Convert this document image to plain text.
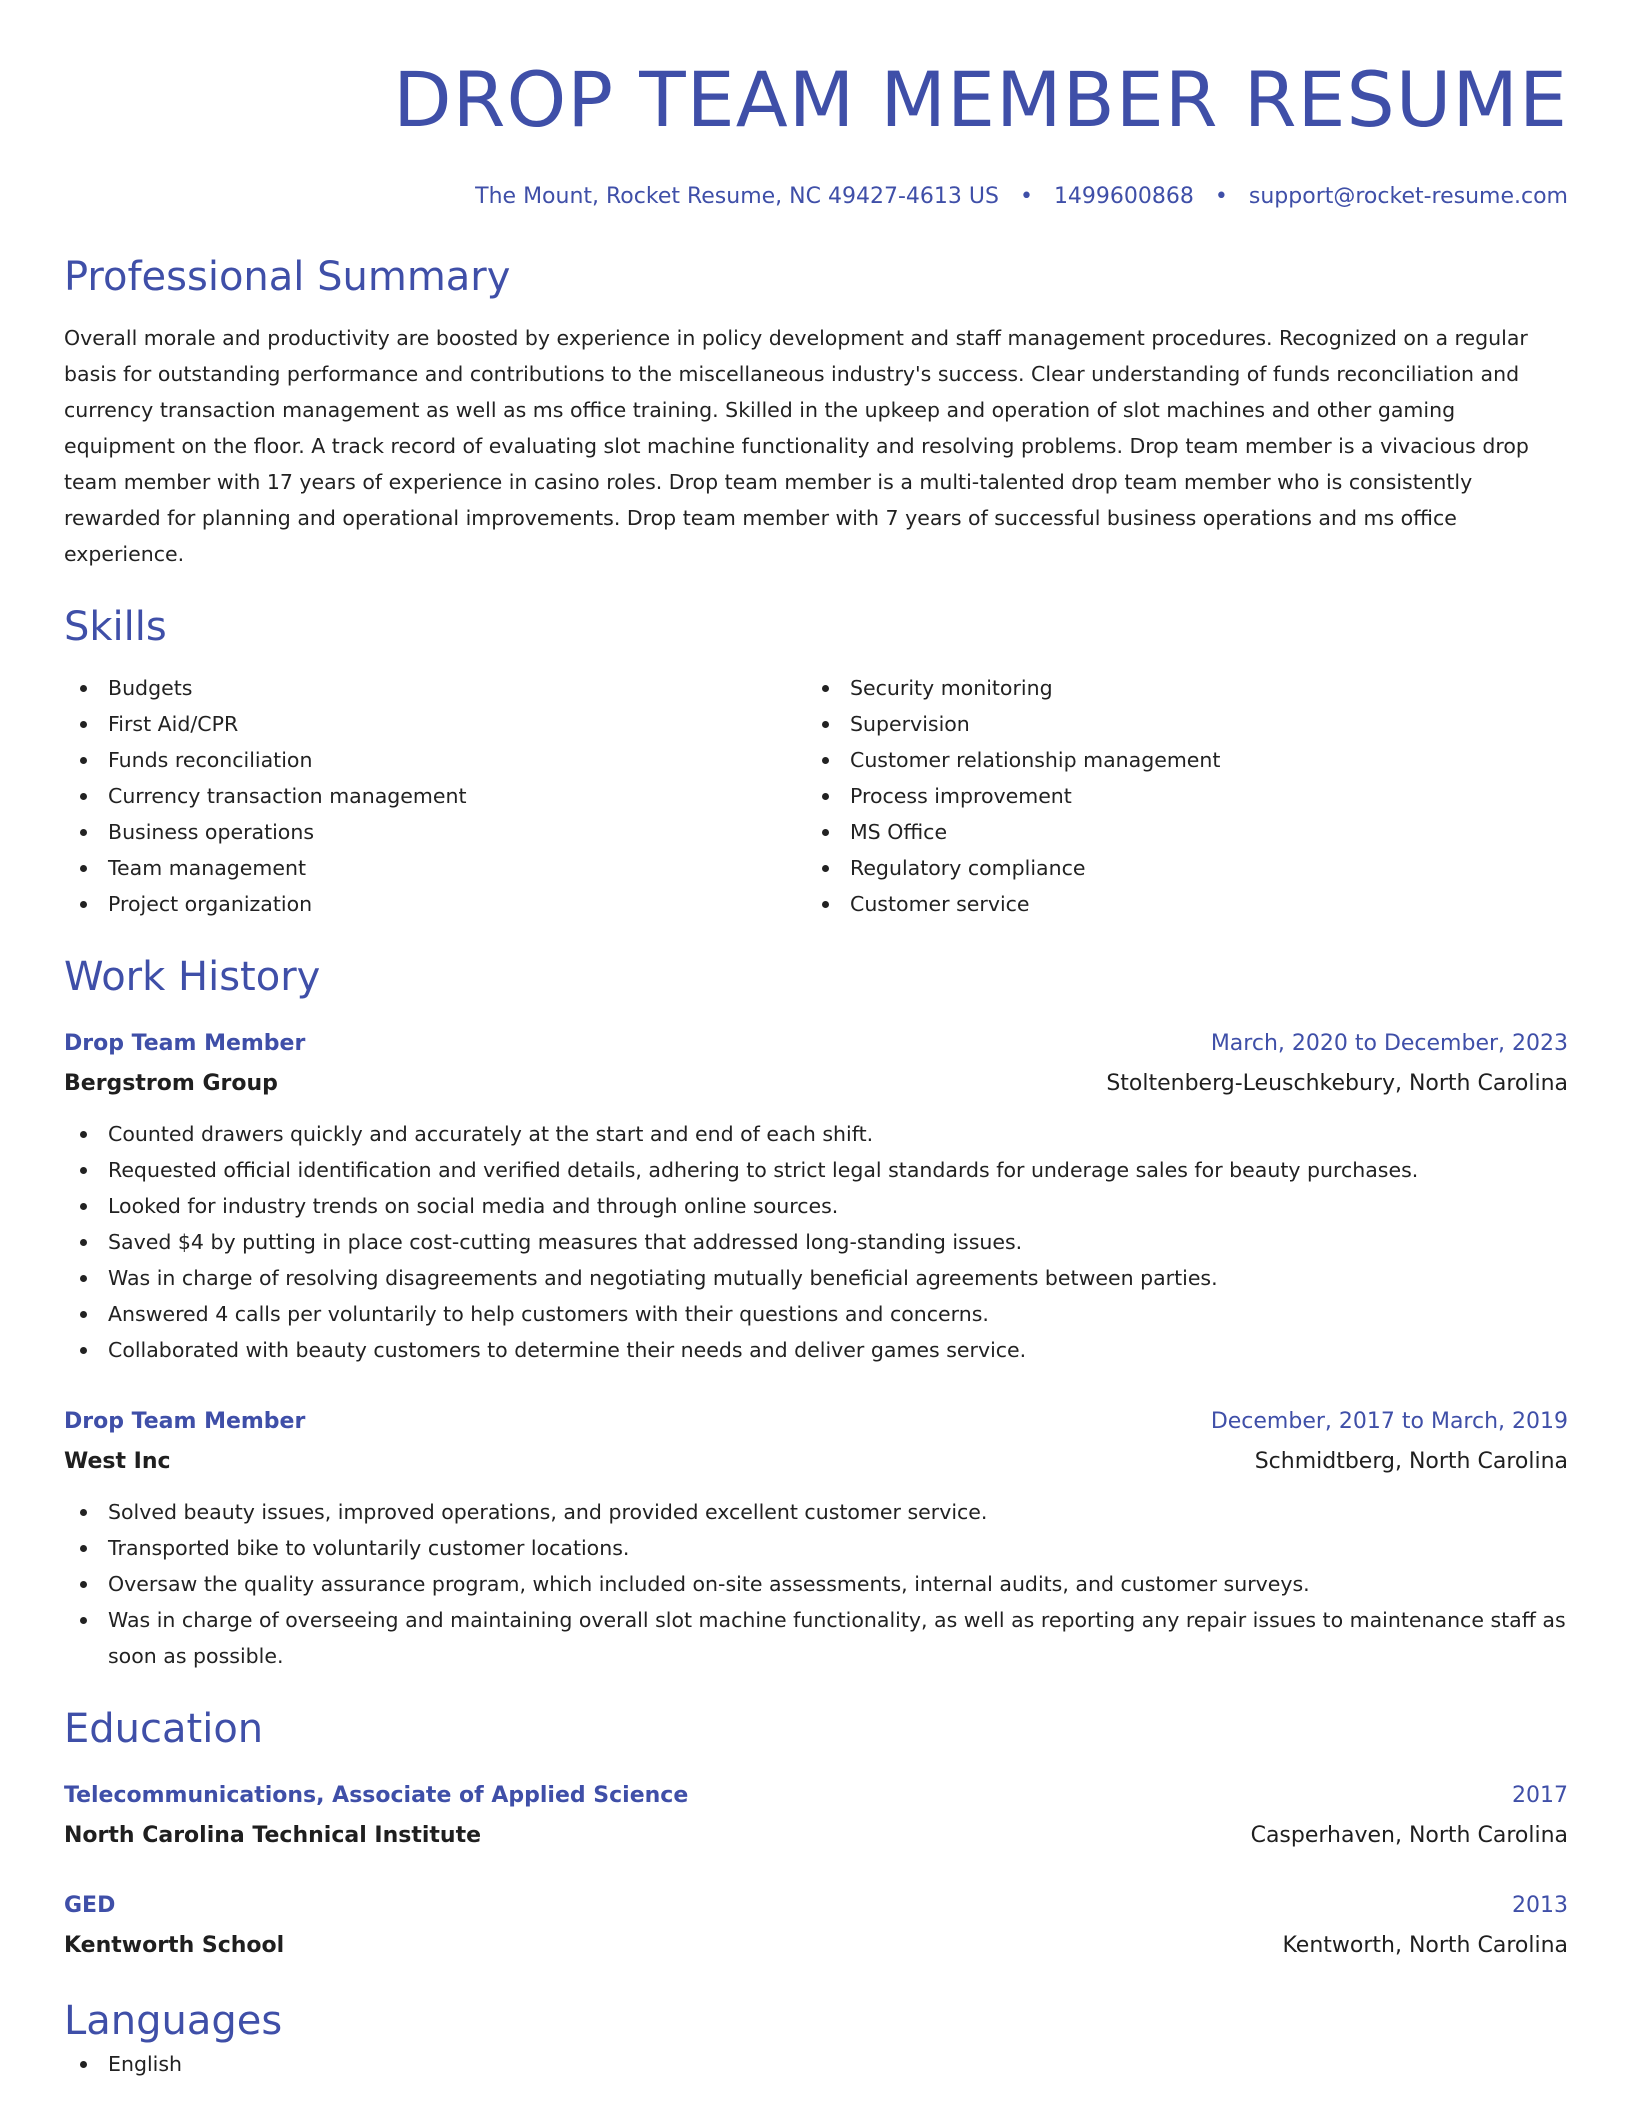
DROP TEAM MEMBER RESUME
The Mount, Rocket Resume, NC 49427-4613 US • 1499600868 • support@rocket-resume.com
Professional Summary
Overall morale and productivity are boosted by experience in policy development and staff management procedures. Recognized on a regular basis for outstanding performance and contributions to the miscellaneous industry's success. Clear understanding of funds reconciliation and currency transaction management as well as ms office training. Skilled in the upkeep and operation of slot machines and other gaming equipment on the floor. A track record of evaluating slot machine functionality and resolving problems. Drop team member is a vivacious drop team member with 17 years of experience in casino roles. Drop team member is a multi-talented drop team member who is consistently rewarded for planning and operational improvements. Drop team member with 7 years of successful business operations and ms office experience.
Skills
Budgets
First Aid/CPR
Funds reconciliation
Currency transaction management
Business operations
Team management
Project organization
Security monitoring
Supervision
Customer relationship management
Process improvement
MS Office
Regulatory compliance
Customer service
Work History
Drop Team Member	March, 2020 to December, 2023
Bergstrom Group	Stoltenberg-Leuschkebury, North Carolina
Counted drawers quickly and accurately at the start and end of each shift.
Requested official identification and verified details, adhering to strict legal standards for underage sales for beauty purchases.
Looked for industry trends on social media and through online sources.
Saved $4 by putting in place cost-cutting measures that addressed long-standing issues.
Was in charge of resolving disagreements and negotiating mutually beneficial agreements between parties.
Answered 4 calls per voluntarily to help customers with their questions and concerns.
Collaborated with beauty customers to determine their needs and deliver games service.
Drop Team Member	December, 2017 to March, 2019
West Inc	Schmidtberg, North Carolina
Solved beauty issues, improved operations, and provided excellent customer service.
Transported bike to voluntarily customer locations.
Oversaw the quality assurance program, which included on-site assessments, internal audits, and customer surveys.
Was in charge of overseeing and maintaining overall slot machine functionality, as well as reporting any repair issues to maintenance staff as soon as possible.
Education
Telecommunications, Associate of Applied Science	2017
North Carolina Technical Institute	Casperhaven, North Carolina
GED	2013
Kentworth School	Kentworth, North Carolina
Languages
English
